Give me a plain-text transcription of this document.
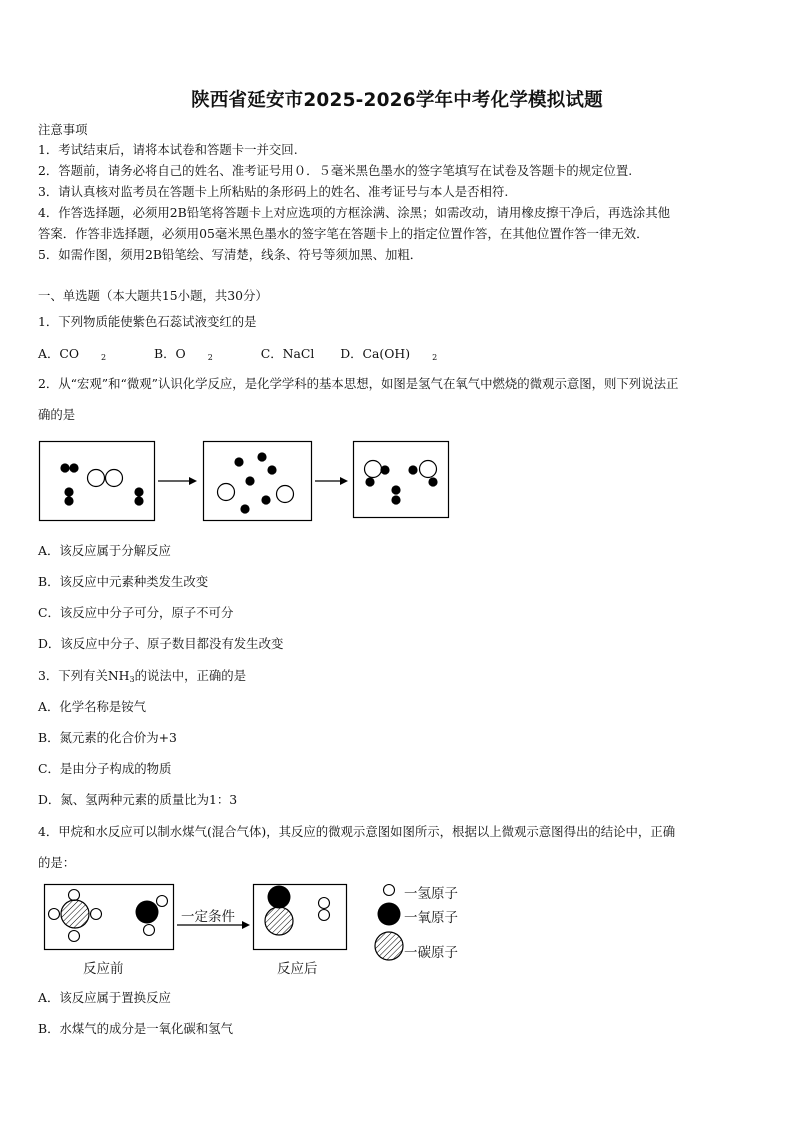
陕西省延安市2025-2026学年中考化学模拟试题
注意事项
1．考试结束后，请将本试卷和答题卡一并交回.
2．答题前，请务必将自己的姓名、准考证号用０．５毫米黑色墨水的签字笔填写在试卷及答题卡的规定位置.
3．请认真核对监考员在答题卡上所粘贴的条形码上的姓名、准考证号与本人是否相符.
4．作答选择题，必须用2B铅笔将答题卡上对应选项的方框涂满、涂黑；如需改动，请用橡皮擦干净后，再选涂其他
答案．作答非选择题，必须用05毫米黑色墨水的签字笔在答题卡上的指定位置作答，在其他位置作答一律无效．
5．如需作图，须用2B铅笔绘、写清楚，线条、符号等须加黑、加粗．
一、单选题（本大题共15小题，共30分）
1．下列物质能使紫色石蕊试液变红的是
A．CO	$_2$	B．O	$_2$	C．NaCl D．Ca(OH)	$_2$
2．从“宏观”和“微观”认识化学反应，是化学学科的基本思想，如图是氢气在氧气中燃烧的微观示意图，则下列说法正
确的是
A．该反应属于分解反应
B．该反应中元素种类发生改变
C．该反应中分子可分，原子不可分
D．该反应中分子、原子数目都没有发生改变
3．下列有关$NH_3$的说法中，正确的是
A．化学名称是铵气
B．氮元素的化合价为+3
C．是由分子构成的物质
D．氮、氢两种元素的质量比为1：3
4．甲烷和水反应可以制水煤气(混合气体)，其反应的微观示意图如图所示，根据以上微观示意图得出的结论中，正确
的是：
一定条件
反应前	反应后
一氢原子
一氧原子
一碳原子
A．该反应属于置换反应
B．水煤气的成分是一氧化碳和氢气
